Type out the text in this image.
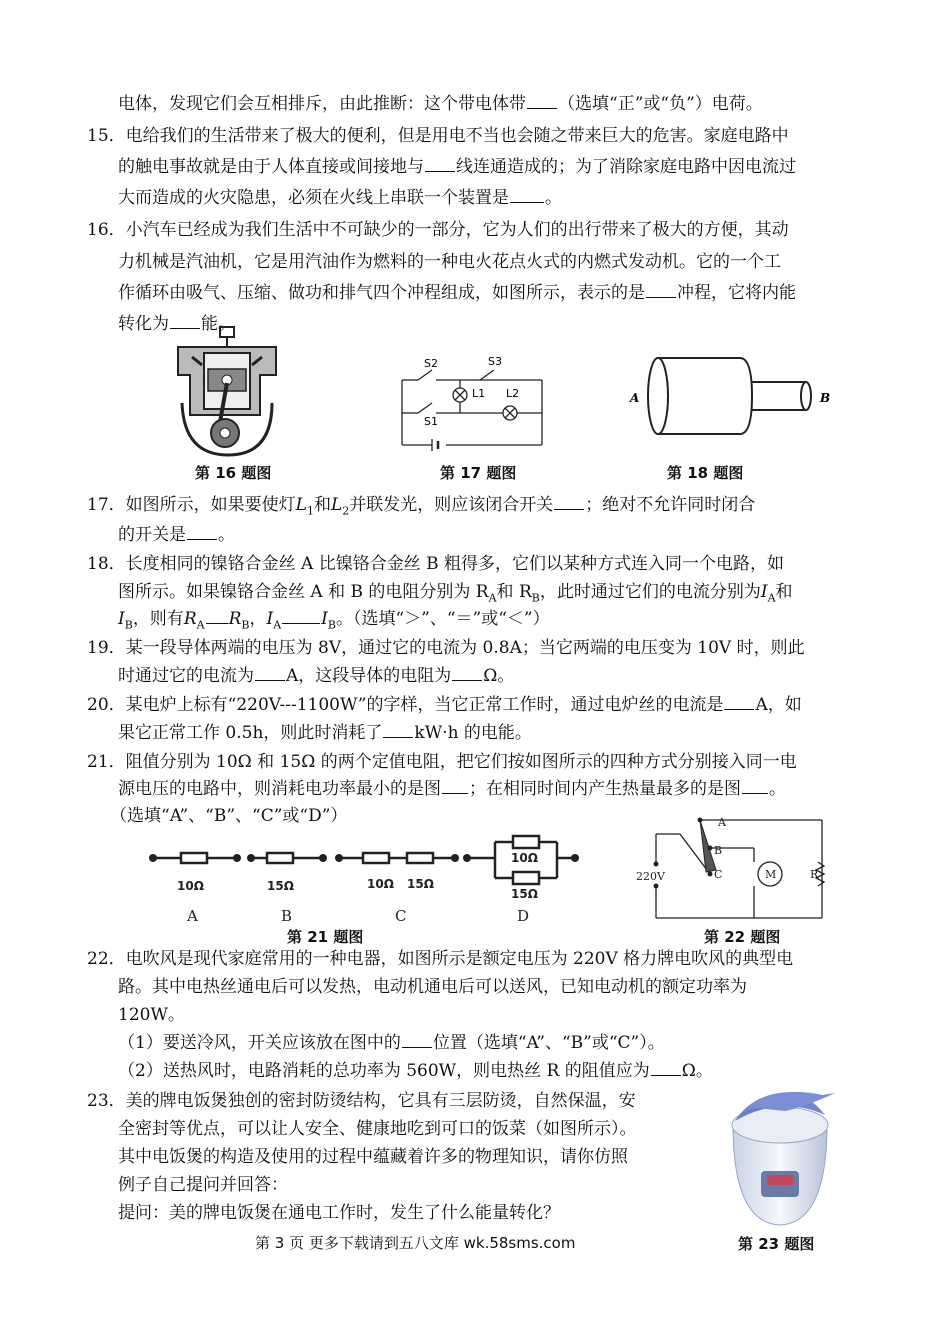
电体，发现它们会互相排斥，由此推断：这个带电体带 （选填“正”或“负”）电荷。
15．电给我们的生活带来了极大的便利，但是用电不当也会随之带来巨大的危害。家庭电路中
的触电事故就是由于人体直接或间接地与 线连通造成的；为了消除家庭电路中因电流过
大而造成的火灾隐患，必须在火线上串联一个装置是 。
16．小汽车已经成为我们生活中不可缺少的一部分，它为人们的出行带来了极大的方便，其动
力机械是汽油机，它是用汽油作为燃料的一种电火花点火式的内燃式发动机。它的一个工
作循环由吸气、压缩、做功和排气四个冲程组成，如图所示，表示的是 冲程，它将内能
转化为 能。
第 16 题图
S2	S3
L1 L2
S1
第 17 题图
A	B
第 18 题图
17．如图所示，如果要使灯$L_1$和$L_2$并联发光，则应该闭合开关 ；绝对不允许同时闭合
的开关是 。
18．长度相同的镍铬合金丝 A 比镍铬合金丝 B 粗得多，它们以某种方式连入同一个电路，如
图所示。如果镍铬合金丝 A 和 B 的电阻分别为 $R_A$和 $R_B$，此时通过它们的电流分别为$I_A$和
$I_B$，则有$R_A$ $R_B$，$I_A$ $I_B$。（选填“＞”、“＝”或“＜”）
19．某一段导体两端的电压为 8V，通过它的电流为 0.8A；当它两端的电压变为 10V 时，则此
时通过它的电流为 A，这段导体的电阻为 Ω。
20．某电炉上标有“220V---1100W”的字样，当它正常工作时，通过电炉丝的电流是 A，如
果它正常工作 0.5h，则此时消耗了 kW·h 的电能。
21．阻值分别为 10Ω 和 15Ω 的两个定值电阻，把它们按如图所示的四种方式分别接入同一电
源电压的电路中，则消耗电功率最小的是图 ；在相同时间内产生热量最多的是图 。
（选填“A”、“B”、“C”或“D”）
10Ω	15Ω	10Ω 15Ω
10Ω
15Ω
A	B	C	D
第 21 题图
A
B
C
220V	M	R
第 22 题图
22．电吹风是现代家庭常用的一种电器，如图所示是额定电压为 220V 格力牌电吹风的典型电
路。其中电热丝通电后可以发热，电动机通电后可以送风，已知电动机的额定功率为
120W。
（1）要送冷风，开关应该放在图中的 位置（选填“A”、“B”或“C”）。
（2）送热风时，电路消耗的总功率为 560W，则电热丝 R 的阻值应为 Ω。
23．美的牌电饭煲独创的密封防烫结构，它具有三层防烫，自然保温，安
全密封等优点，可以让人安全、健康地吃到可口的饭菜（如图所示）。
其中电饭煲的构造及使用的过程中蕴藏着许多的物理知识，请你仿照
例子自己提问并回答：
提问：美的牌电饭煲在通电工作时，发生了什么能量转化？
第 23 题图
第 3 页 更多下载请到五八文库 wk.58sms.com
